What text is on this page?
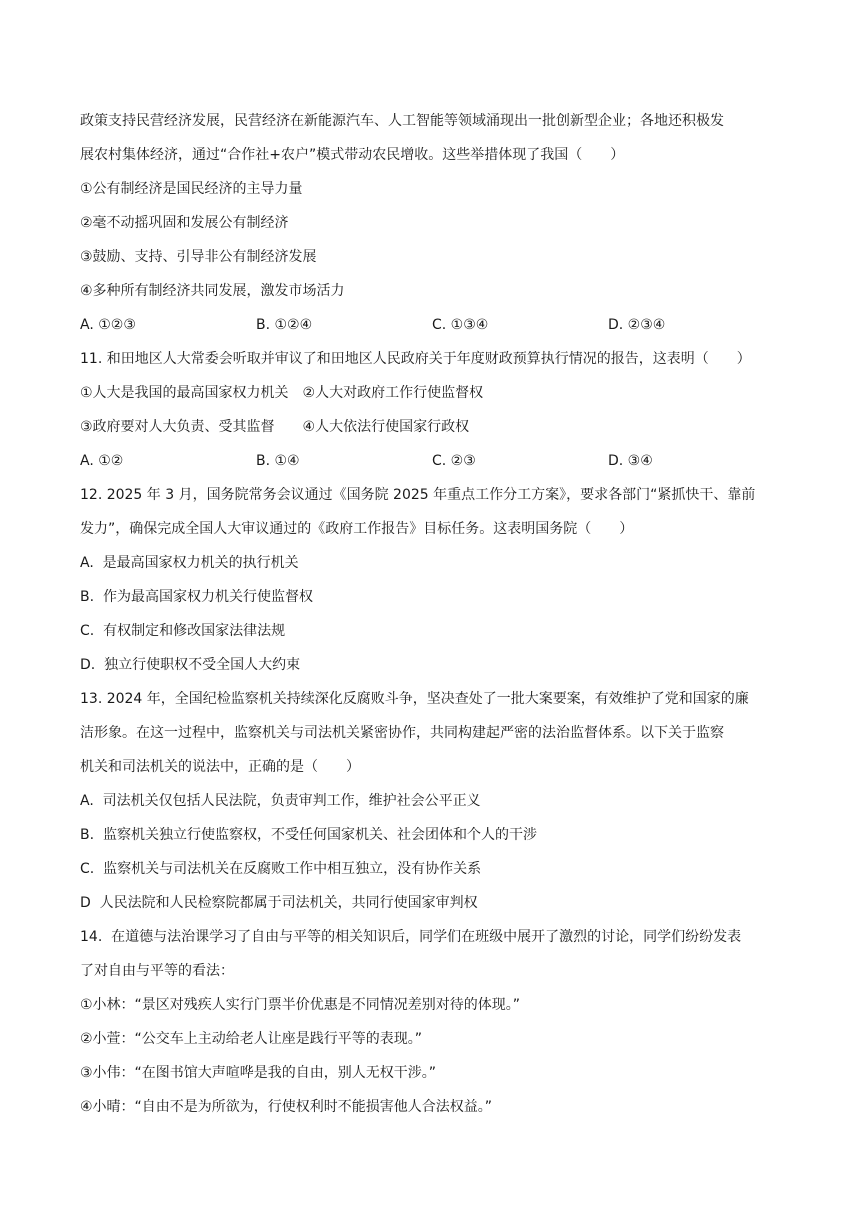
政策支持民营经济发展，民营经济在新能源汽车、人工智能等领域涌现出一批创新型企业；各地还积极发
展农村集体经济，通过“合作社+农户”模式带动农民增收。这些举措体现了我国（　　）

①公有制经济是国民经济的主导力量
②毫不动摇巩固和发展公有制经济
③鼓励、支持、引导非公有制经济发展
④多种所有制经济共同发展，激发市场活力
A. ①②③	B. ①②④	C. ①③④	D. ②③④
11. 和田地区人大常委会听取并审议了和田地区人民政府关于年度财政预算执行情况的报告，这表明（　　）
①人大是我国的最高国家权力机关　②人大对政府工作行使监督权
③政府要对人大负责、受其监督　　④人大依法行使国家行政权
A. ①②	B. ①④	C. ②③	D. ③④

12. 2025 年 3 月，国务院常务会议通过《国务院 2025 年重点工作分工方案》，要求各部门“紧抓快干、靠前
发力”，确保完成全国人大审议通过的《政府工作报告》目标任务。这表明国务院（　　）

A.  是最高国家权力机关的执行机关
B.  作为最高国家权力机关行使监督权
C.  有权制定和修改国家法律法规
D.  独立行使职权不受全国人大约束

13. 2024 年，全国纪检监察机关持续深化反腐败斗争，坚决查处了一批大案要案，有效维护了党和国家的廉
洁形象。在这一过程中，监察机关与司法机关紧密协作，共同构建起严密的法治监督体系。以下关于监察
机关和司法机关的说法中，正确的是（　　）

A.  司法机关仅包括人民法院，负责审判工作，维护社会公平正义
B.  监察机关独立行使监察权，不受任何国家机关、社会团体和个人的干涉
C.  监察机关与司法机关在反腐败工作中相互独立，没有协作关系
D  人民法院和人民检察院都属于司法机关，共同行使国家审判权

14.  在道德与法治课学习了自由与平等的相关知识后，同学们在班级中展开了激烈的讨论，同学们纷纷发表
了对自由与平等的看法：

①小林：“景区对残疾人实行门票半价优惠是不同情况差别对待的体现。”
②小萱：“公交车上主动给老人让座是践行平等的表现。”
③小伟：“在图书馆大声喧哗是我的自由，别人无权干涉。”
④小晴：“自由不是为所欲为，行使权利时不能损害他人合法权益。”
